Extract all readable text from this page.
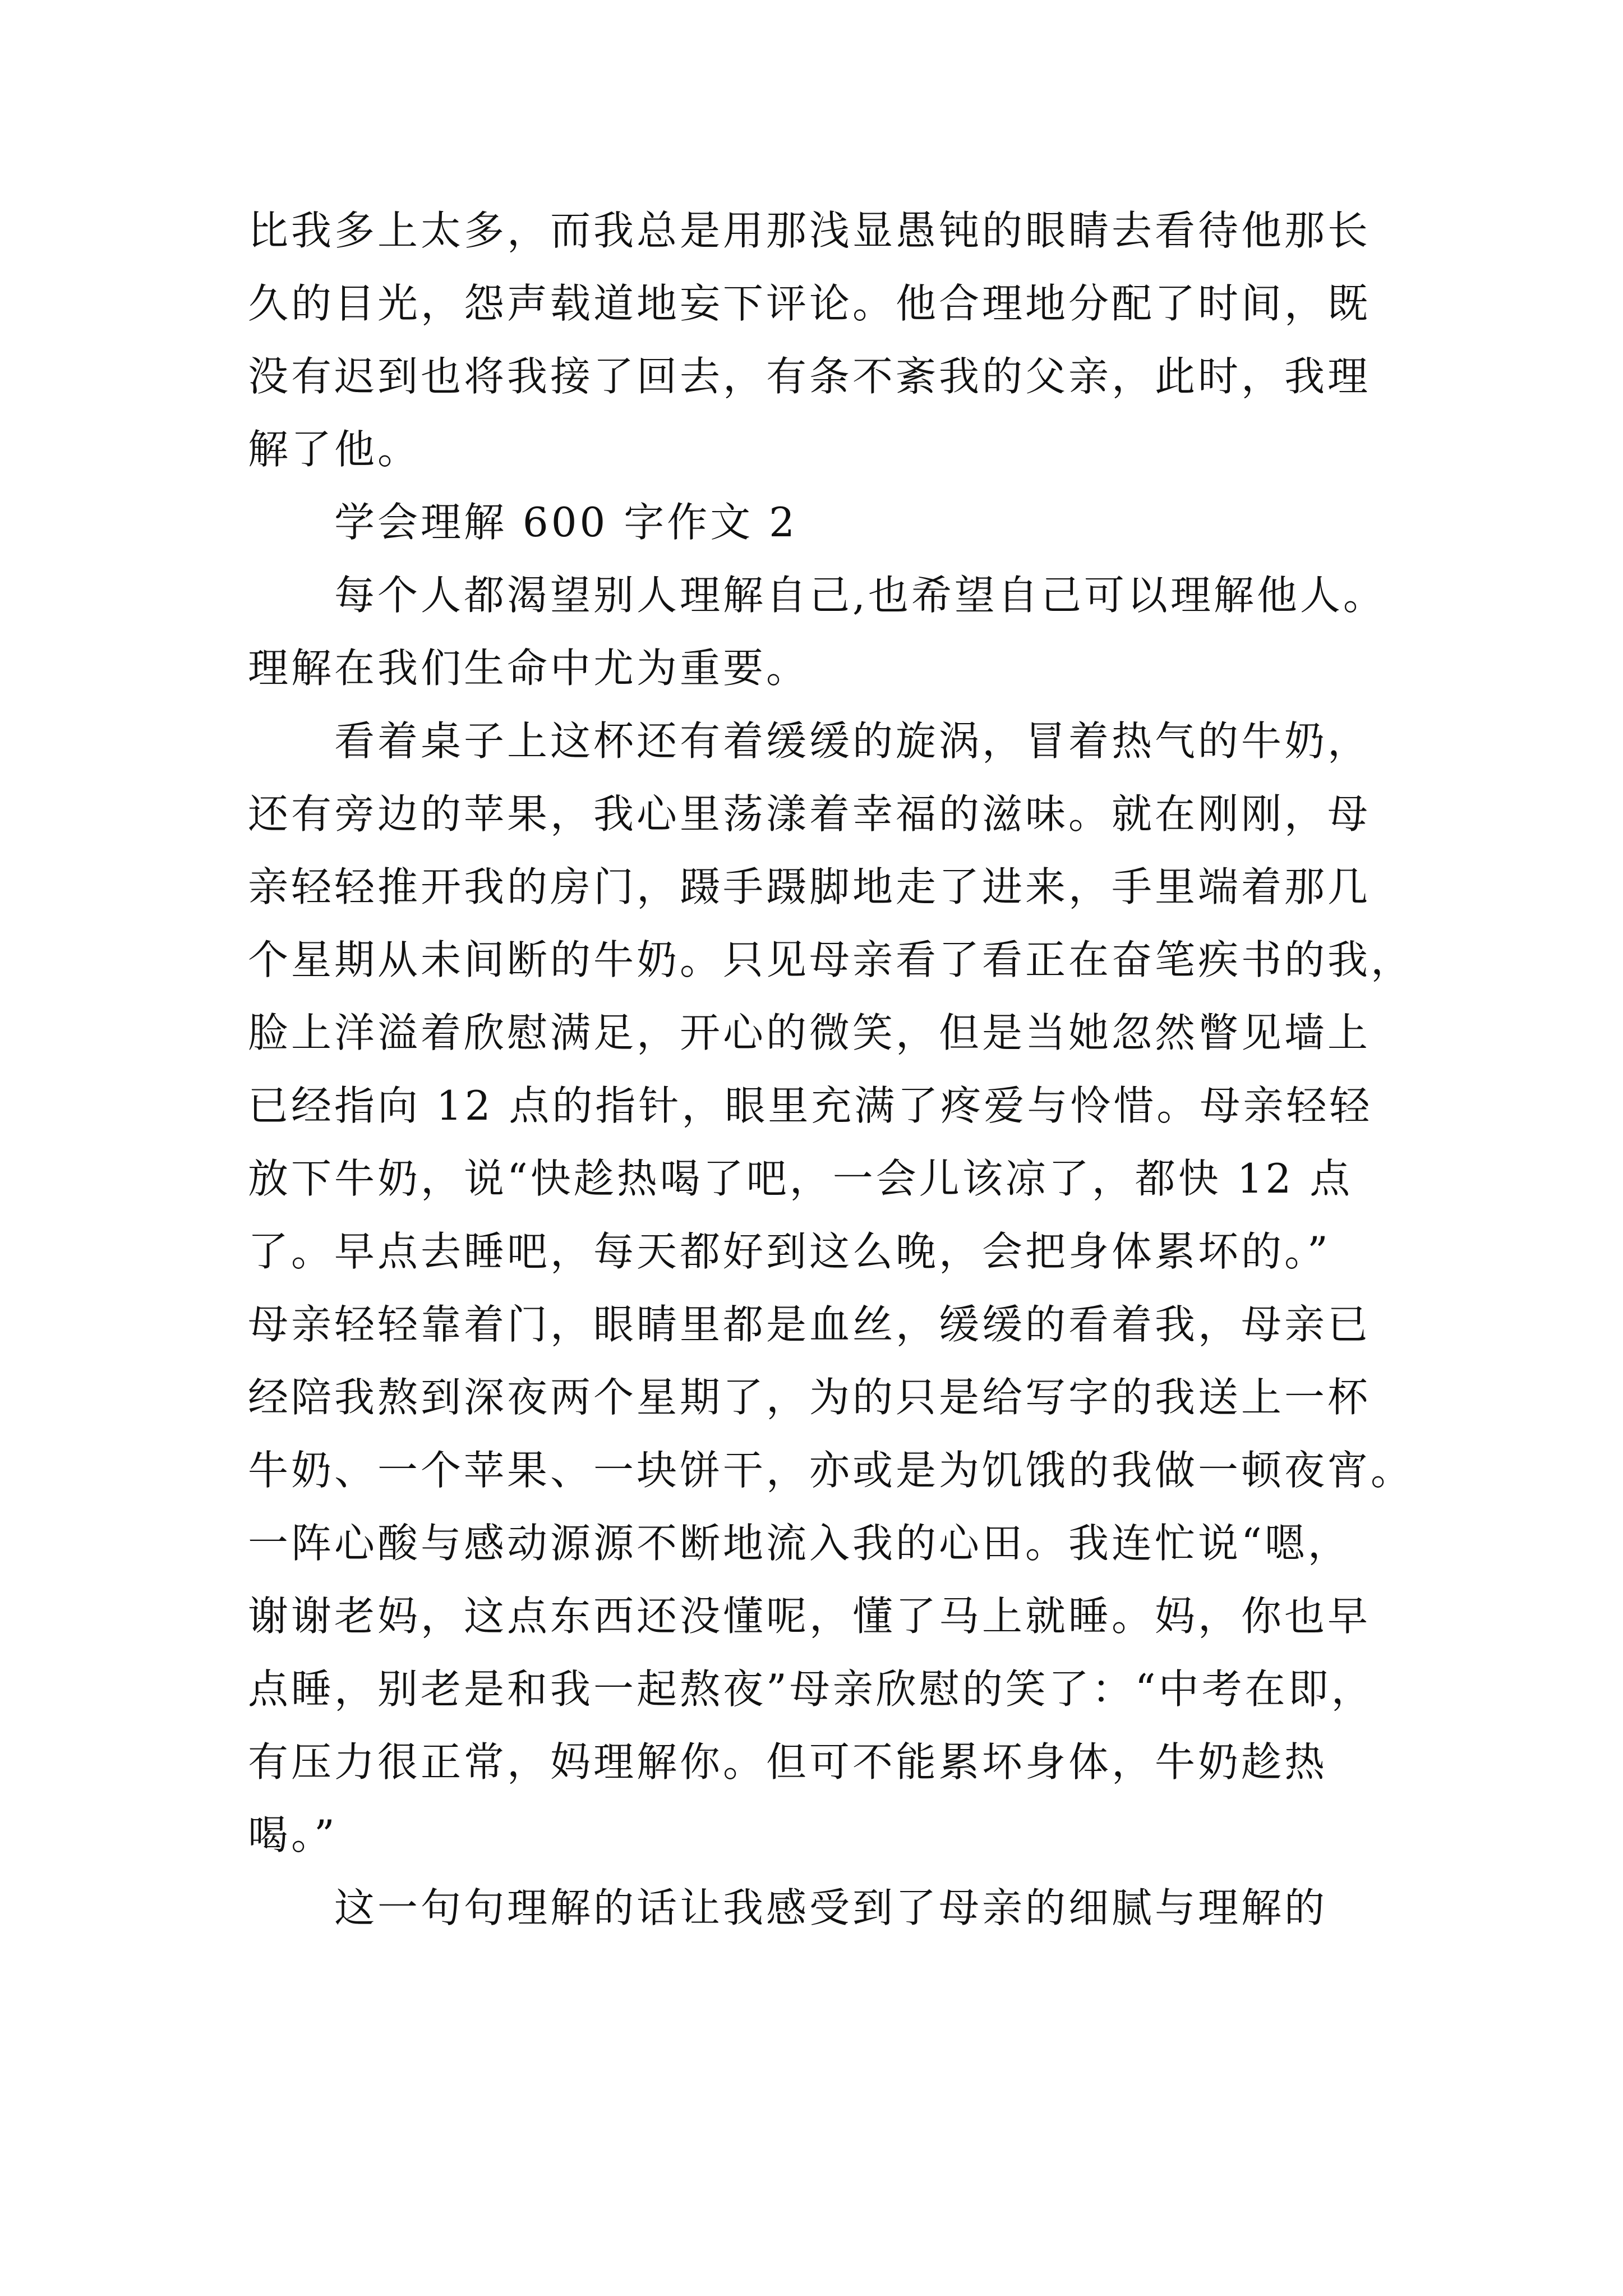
比我多上太多，而我总是用那浅显愚钝的眼睛去看待他那长
久的目光，怨声载道地妄下评论。他合理地分配了时间，既
没有迟到也将我接了回去，有条不紊我的父亲，此时，我理
解了他。

学会理解 600 字作文 2

每个人都渴望别人理解自己,也希望自己可以理解他人。
理解在我们生命中尤为重要。

看着桌子上这杯还有着缓缓的旋涡，冒着热气的牛奶，
还有旁边的苹果，我心里荡漾着幸福的滋味。就在刚刚，母
亲轻轻推开我的房门，蹑手蹑脚地走了进来，手里端着那几
个星期从未间断的牛奶。只见母亲看了看正在奋笔疾书的我，
脸上洋溢着欣慰满足，开心的微笑，但是当她忽然瞥见墙上
已经指向 12 点的指针，眼里充满了疼爱与怜惜。母亲轻轻
放下牛奶，说“快趁热喝了吧，一会儿该凉了，都快 12 点
了。早点去睡吧，每天都好到这么晚，会把身体累坏的。”
母亲轻轻靠着门，眼睛里都是血丝，缓缓的看着我，母亲已
经陪我熬到深夜两个星期了，为的只是给写字的我送上一杯
牛奶、一个苹果、一块饼干，亦或是为饥饿的我做一顿夜宵。
一阵心酸与感动源源不断地流入我的心田。我连忙说“嗯，
谢谢老妈，这点东西还没懂呢，懂了马上就睡。妈，你也早
点睡，别老是和我一起熬夜”母亲欣慰的笑了：“中考在即，
有压力很正常，妈理解你。但可不能累坏身体，牛奶趁热
喝。”

这一句句理解的话让我感受到了母亲的细腻与理解的
